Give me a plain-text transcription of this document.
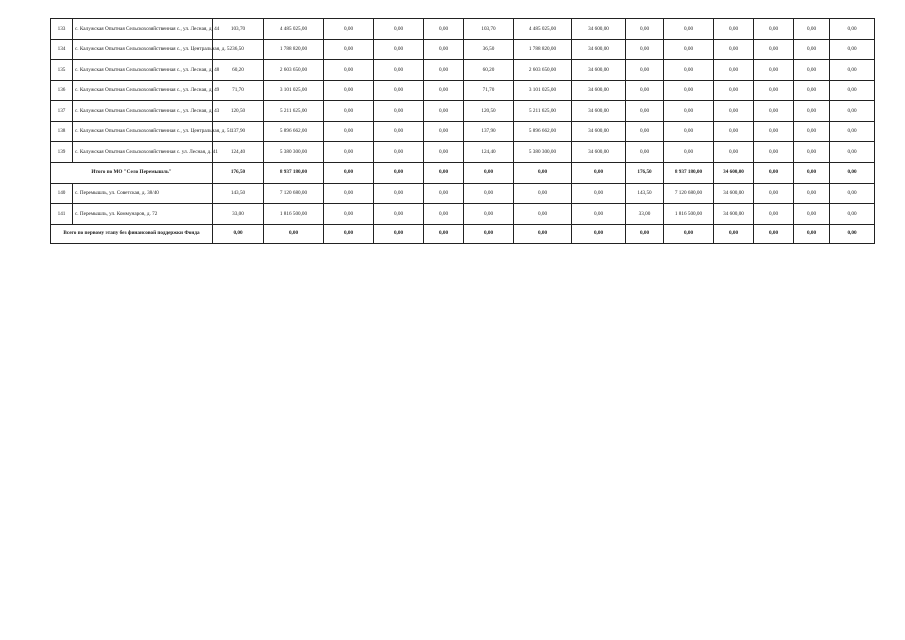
133	с. Калужская Опытная Сельскохозяйственная с., ул. Лесная, д. 44	103,70	4 485 025,00	0,00	0,00	0,00	103,70	4 485 025,00	34 600,00	0,00	0,00	0,00	0,00	0,00	0,00
134	с. Калужская Опытная Сельскохозяйственная с., ул. Центральная, д. 52	36,50	1 788 820,00	0,00	0,00	0,00	36,50	1 788 820,00	34 600,00	0,00	0,00	0,00	0,00	0,00	0,00
135	с. Калужская Опытная Сельскохозяйственная с., ул. Лесная, д. 48	60,20	2 603 650,00	0,00	0,00	0,00	60,20	2 603 650,00	34 600,00	0,00	0,00	0,00	0,00	0,00	0,00
136	с. Калужская Опытная Сельскохозяйственная с., ул. Лесная, д. 49	71,70	3 101 025,00	0,00	0,00	0,00	71,70	3 101 025,00	34 600,00	0,00	0,00	0,00	0,00	0,00	0,00
137	с. Калужская Опытная Сельскохозяйственная с., ул. Лесная, д. 43	120,50	5 211 625,00	0,00	0,00	0,00	120,50	5 211 625,00	34 600,00	0,00	0,00	0,00	0,00	0,00	0,00
138	с. Калужская Опытная Сельскохозяйственная с., ул. Центральная, д. 51	137,90	5 896 662,00	0,00	0,00	0,00	137,90	5 896 662,00	34 600,00	0,00	0,00	0,00	0,00	0,00	0,00
139	с. Калужская Опытная Сельскохозяйственная с. ул. Лесная, д. 41	124,40	5 380 300,00	0,00	0,00	0,00	124,40	5 380 300,00	34 600,00	0,00	0,00	0,00	0,00	0,00	0,00
Итого по МО "Село Перемышль"		176,50	8 937 180,00	0,00	0,00	0,00	0,00	0,00	0,00	176,50	8 937 180,00	34 600,00	0,00	0,00	0,00
140	с. Перемышль, ул. Советская, д. 38/40	143,50	7 120 680,00	0,00	0,00	0,00	0,00	0,00	0,00	143,50	7 120 680,00	34 600,00	0,00	0,00	0,00
141	с. Перемышль, ул. Коммунаров, д. 72	33,00	1 816 500,00	0,00	0,00	0,00	0,00	0,00	0,00	33,00	1 816 500,00	34 600,00	0,00	0,00	0,00
Всего по первому этапу без финансовой поддержки Фонда		0,00	0,00	0,00	0,00	0,00	0,00	0,00	0,00	0,00	0,00	0,00	0,00	0,00	0,00
